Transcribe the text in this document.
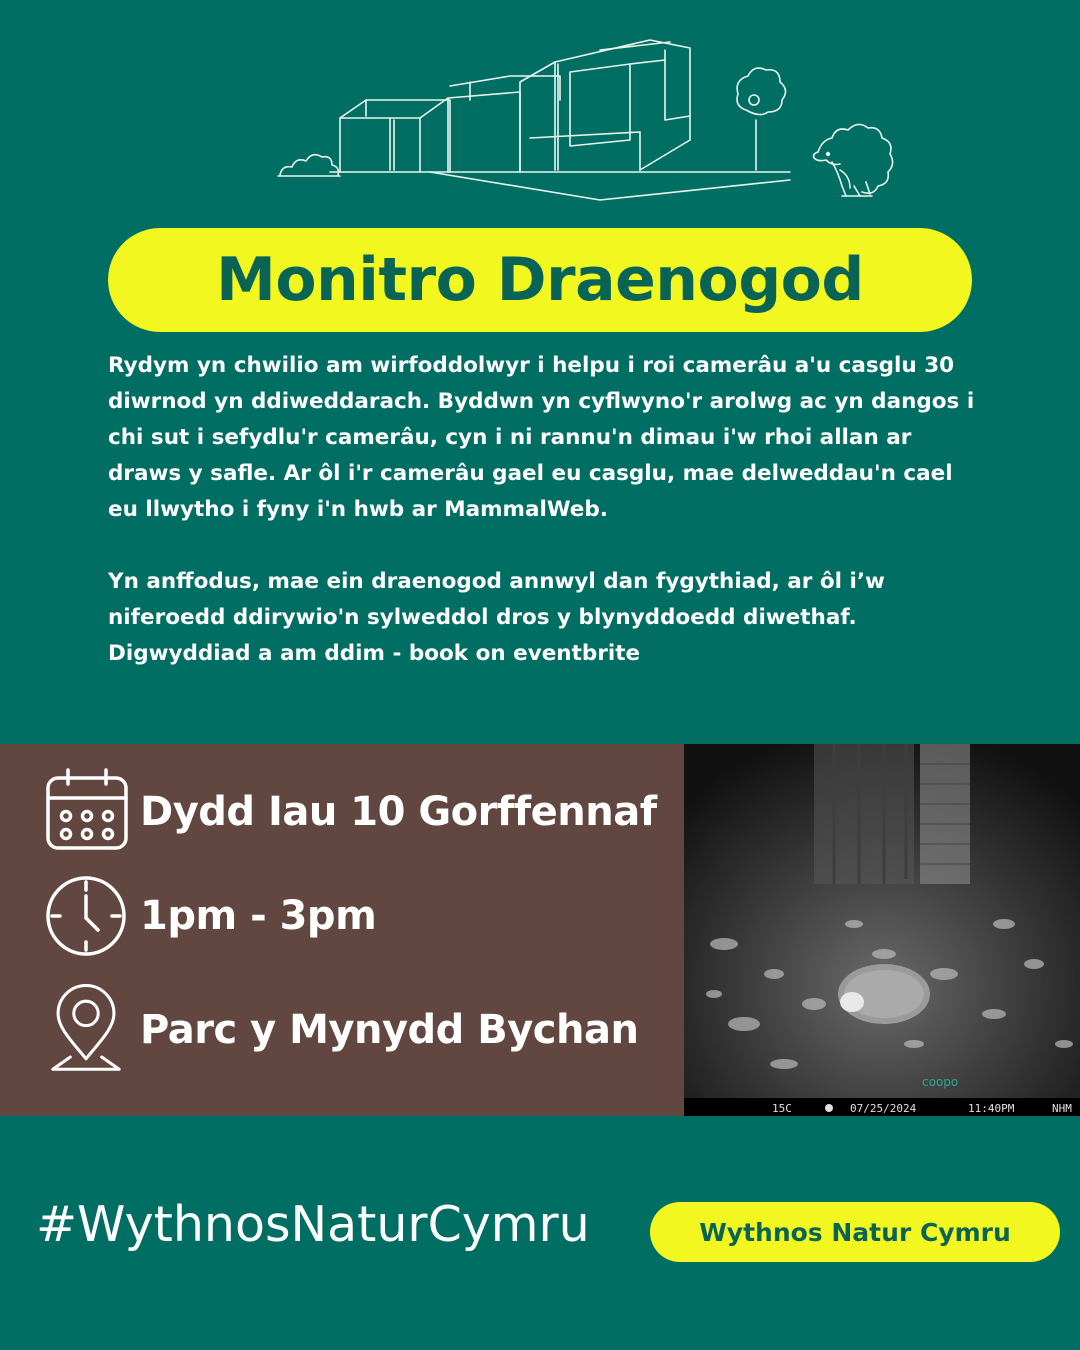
Monitro Draenogod

Rydym yn chwilio am wirfoddolwyr i helpu i roi camerâu a'u casglu 30 diwrnod yn ddiweddarach. Byddwn yn cyflwyno'r arolwg ac yn dangos i chi sut i sefydlu'r camerâu, cyn i ni rannu'n dimau i'w rhoi allan ar draws y safle. Ar ôl i'r camerâu gael eu casglu, mae delweddau'n cael eu llwytho i fyny i'n hwb ar MammalWeb.

Yn anffodus, mae ein draenogod annwyl dan fygythiad, ar ôl i’w niferoedd ddirywio'n sylweddol dros y blynyddoedd diwethaf. Digwyddiad a am ddim - book on eventbrite

Dydd Iau 10 Gorffennaf
1pm - 3pm
Parc y Mynydd Bychan
coopo
15C	07/25/2024	11:40PM	NHM
#WythnosNaturCymru	Wythnos Natur Cymru
